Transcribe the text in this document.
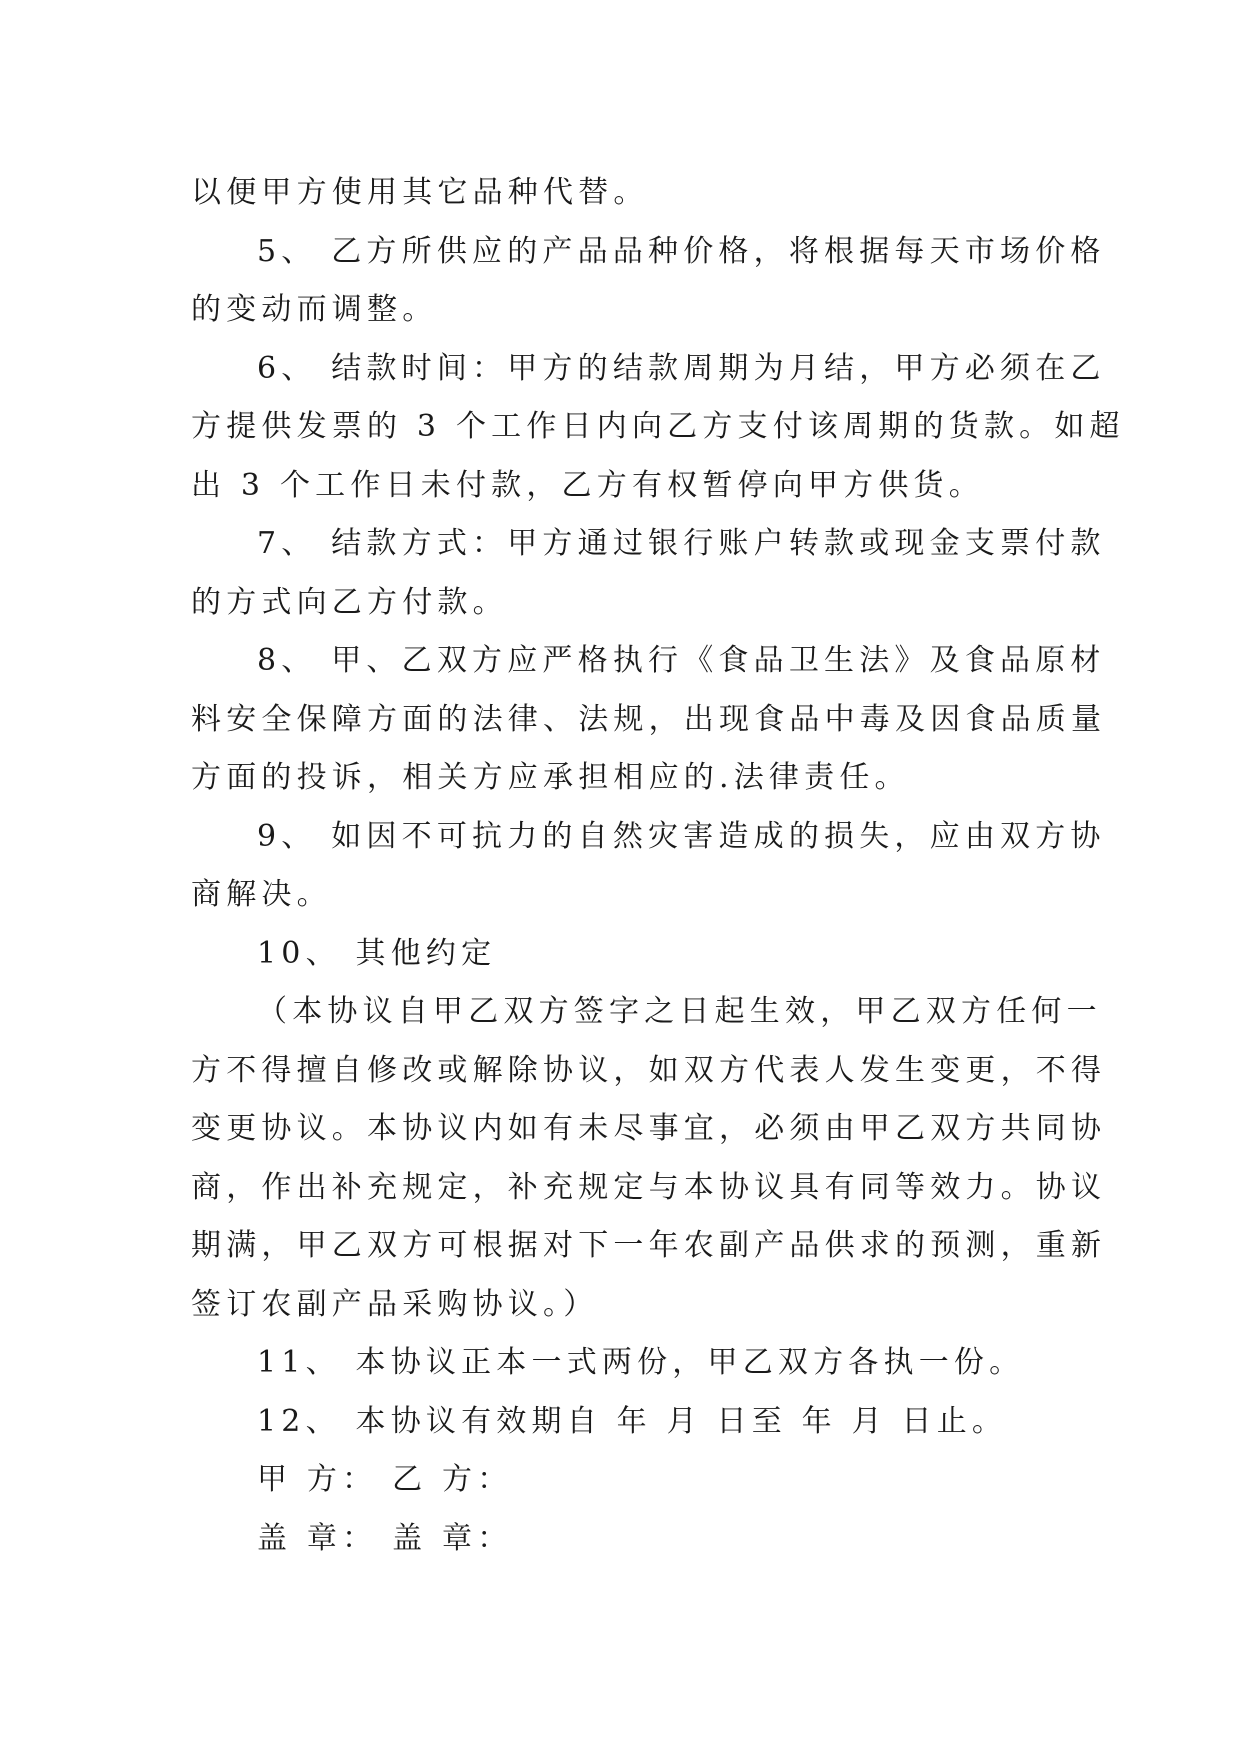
以便甲方使用其它品种代替。
5、 乙方所供应的产品品种价格，将根据每天市场价格
的变动而调整。
6、 结款时间：甲方的结款周期为月结，甲方必须在乙
方提供发票的 3 个工作日内向乙方支付该周期的货款。如超
出 3 个工作日未付款，乙方有权暂停向甲方供货。
7、 结款方式：甲方通过银行账户转款或现金支票付款
的方式向乙方付款。
8、 甲、乙双方应严格执行《食品卫生法》及食品原材
料安全保障方面的法律、法规，出现食品中毒及因食品质量
方面的投诉，相关方应承担相应的.法律责任。
9、 如因不可抗力的自然灾害造成的损失，应由双方协
商解决。
10、 其他约定
（本协议自甲乙双方签字之日起生效，甲乙双方任何一
方不得擅自修改或解除协议，如双方代表人发生变更，不得
变更协议。本协议内如有未尽事宜，必须由甲乙双方共同协
商，作出补充规定，补充规定与本协议具有同等效力。协议
期满，甲乙双方可根据对下一年农副产品供求的预测，重新
签订农副产品采购协议。）
11、 本协议正本一式两份，甲乙双方各执一份。
12、 本协议有效期自 年 月 日至 年 月 日止。
甲 方： 乙 方：
盖 章： 盖 章：
